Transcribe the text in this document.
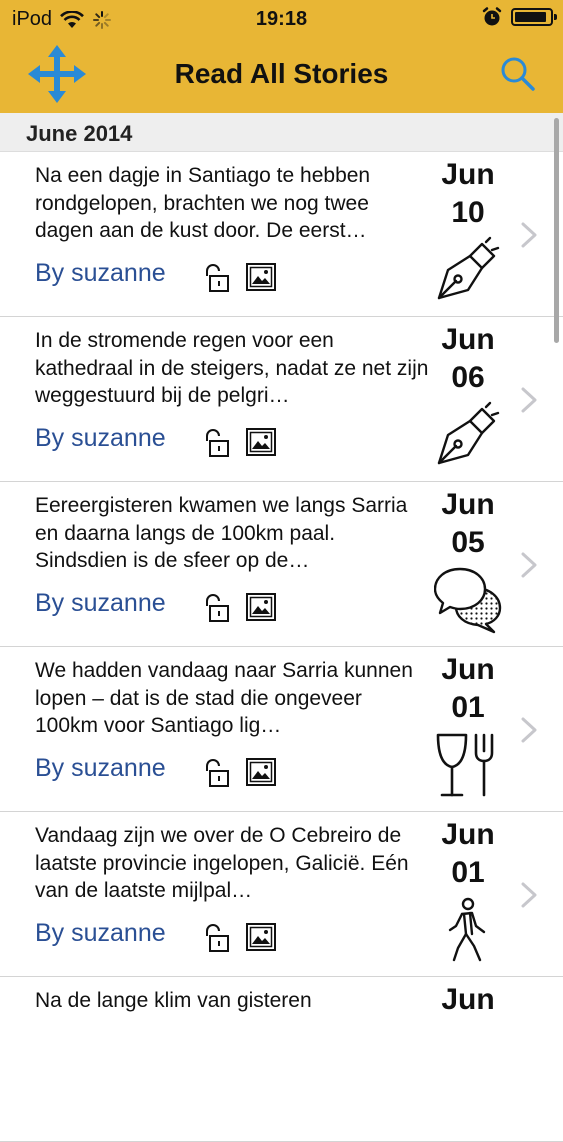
iPod	19:18
Read All Stories
June 2014
Na een dagje in Santiago te hebben rondgelopen, brachten we nog twee dagen aan de kust door. De eerst…
By suzanne
Jun
10
In de stromende regen voor een kathedraal in de steigers, nadat ze net zijn weggestuurd bij de pelgri…
By suzanne
Jun
06
Eereergisteren kwamen we langs Sarria en daarna langs de 100km paal. Sindsdien is de sfeer op de…
By suzanne
Jun
05
We hadden vandaag naar Sarria kunnen lopen – dat is de stad die ongeveer 100km voor Santiago lig…
By suzanne
Jun
01
Vandaag zijn we over de O Cebreiro de laatste provincie ingelopen, Galicië. Eén van de laatste mijlpal…
By suzanne
Jun
01
Na de lange klim van gisteren	Jun
